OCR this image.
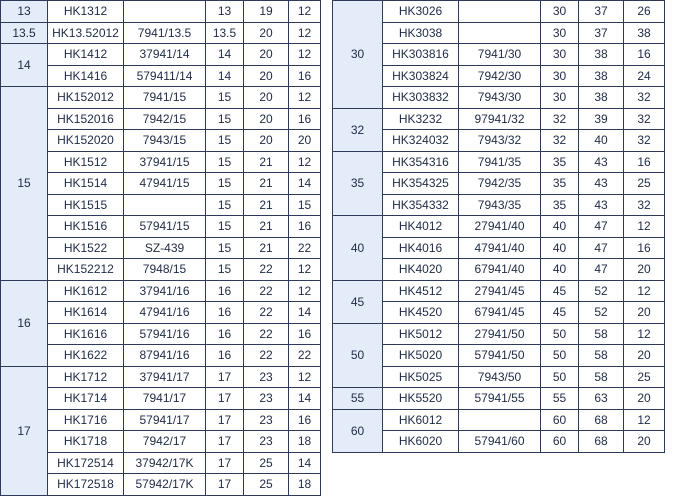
13	HK1312		13	19	12
13.5	HK13.52012	7941/13.5	13.5	20	12
14	HK1412	37941/14	14	20	12
	HK1416	579411/14	14	20	16
15	HK152012	7941/15	15	20	12
	HK152016	7942/15	15	20	16
	HK152020	7943/15	15	20	20
	HK1512	37941/15	15	21	12
	HK1514	47941/15	15	21	14
	HK1515		15	21	15
	HK1516	57941/15	15	21	16
	HK1522	SZ-439	15	21	22
	HK152212	7948/15	15	22	12
16	HK1612	37941/16	16	22	12
	HK1614	47941/16	16	22	14
	HK1616	57941/16	16	22	16
	HK1622	87941/16	16	22	22
17	HK1712	37941/17	17	23	12
	HK1714	7941/17	17	23	14
	HK1716	57941/17	17	23	16
	HK1718	7942/17	17	23	18
	HK172514	37942/17K	17	25	14
	HK172518	57942/17K	17	25	18
30	HK3026		30	37	26
	HK3038		30	37	38
	HK303816	7941/30	30	38	16
	HK303824	7942/30	30	38	24
	HK303832	7943/30	30	38	32
32	HK3232	97941/32	32	39	32
	HK324032	7943/32	32	40	32
35	HK354316	7941/35	35	43	16
	HK354325	7942/35	35	43	25
	HK354332	7943/35	35	43	32
40	HK4012	27941/40	40	47	12
	HK4016	47941/40	40	47	16
	HK4020	67941/40	40	47	20
45	HK4512	27941/45	45	52	12
	HK4520	67941/45	45	52	20
50	HK5012	27941/50	50	58	12
	HK5020	57941/50	50	58	20
	HK5025	7943/50	50	58	25
55	HK5520	57941/55	55	63	20
60	HK6012		60	68	12
	HK6020	57941/60	60	68	20
